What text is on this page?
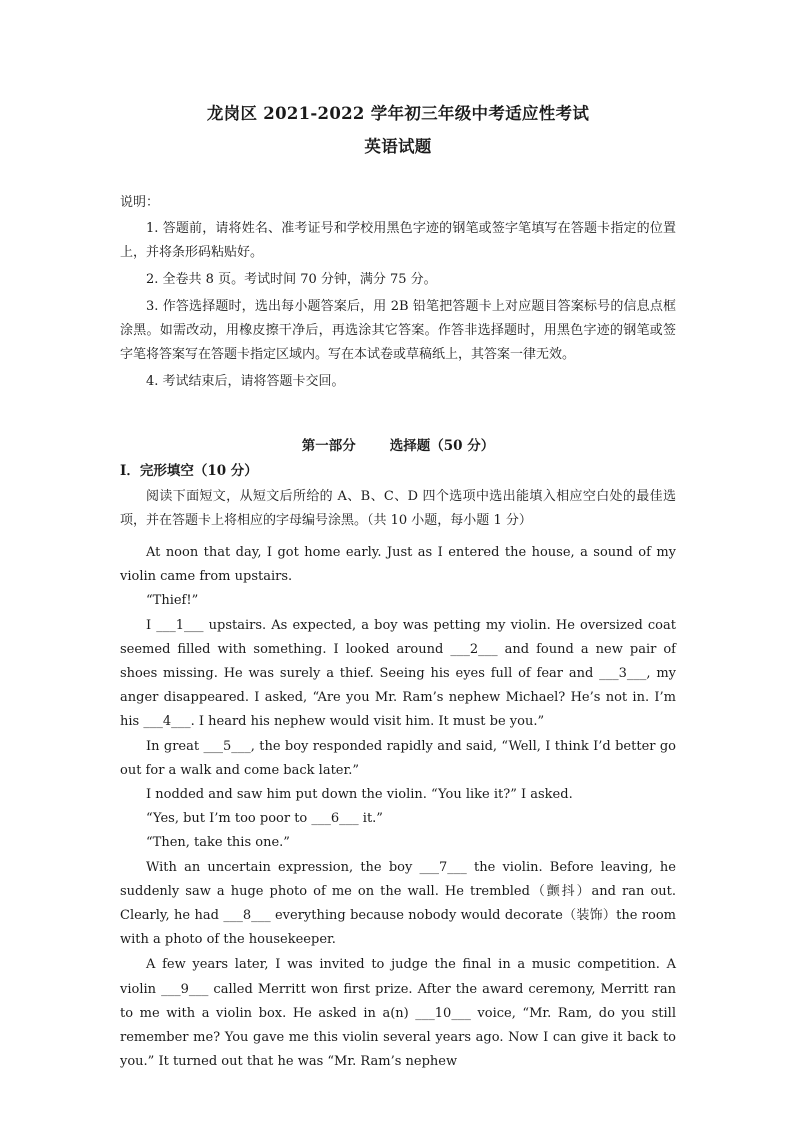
龙岗区 2021-2022 学年初三年级中考适应性考试
英语试题
说明：

1. 答题前，请将姓名、准考证号和学校用黑色字迹的钢笔或签字笔填写在答题卡指定的位置上，并将条形码粘贴好。

2. 全卷共 8 页。考试时间 70 分钟，满分 75 分。

3. 作答选择题时，选出每小题答案后，用 2B 铅笔把答题卡上对应题目答案标号的信息点框涂黑。如需改动，用橡皮擦干净后，再选涂其它答案。作答非选择题时，用黑色字迹的钢笔或签字笔将答案写在答题卡指定区域内。写在本试卷或草稿纸上，其答案一律无效。

4. 考试结束后，请将答题卡交回。

第一部分	选择题（50 分）
I．完形填空（10 分）

阅读下面短文，从短文后所给的 A、B、C、D 四个选项中选出能填入相应空白处的最佳选项，并在答题卡上将相应的字母编号涂黑。（共 10 小题，每小题 1 分）

At noon that day, I got home early. Just as I entered the house, a sound of my violin came from upstairs.

“Thief!”

I ___1___ upstairs. As expected, a boy was petting my violin. He oversized coat seemed filled with something. I looked around ___2___ and found a new pair of shoes missing. He was surely a thief. Seeing his eyes full of fear and ___3___, my anger disappeared. I asked, “Are you Mr. Ram’s nephew Michael? He’s not in. I’m his ___4___. I heard his nephew would visit him. It must be you.”

In great ___5___, the boy responded rapidly and said, “Well, I think I’d better go out for a walk and come back later.”

I nodded and saw him put down the violin. “You like it?” I asked.

“Yes, but I’m too poor to ___6___ it.”

“Then, take this one.”

With an uncertain expression, the boy ___7___ the violin. Before leaving, he suddenly saw a huge photo of me on the wall. He trembled（颤抖）and ran out. Clearly, he had ___8___ everything because nobody would decorate（装饰）the room with a photo of the housekeeper.

A few years later, I was invited to judge the final in a music competition. A violin ___9___ called Merritt won first prize. After the award ceremony, Merritt ran to me with a violin box. He asked in a(n) ___10___ voice, “Mr. Ram, do you still remember me? You gave me this violin several years ago. Now I can give it back to you.” It turned out that he was “Mr. Ram’s nephew
